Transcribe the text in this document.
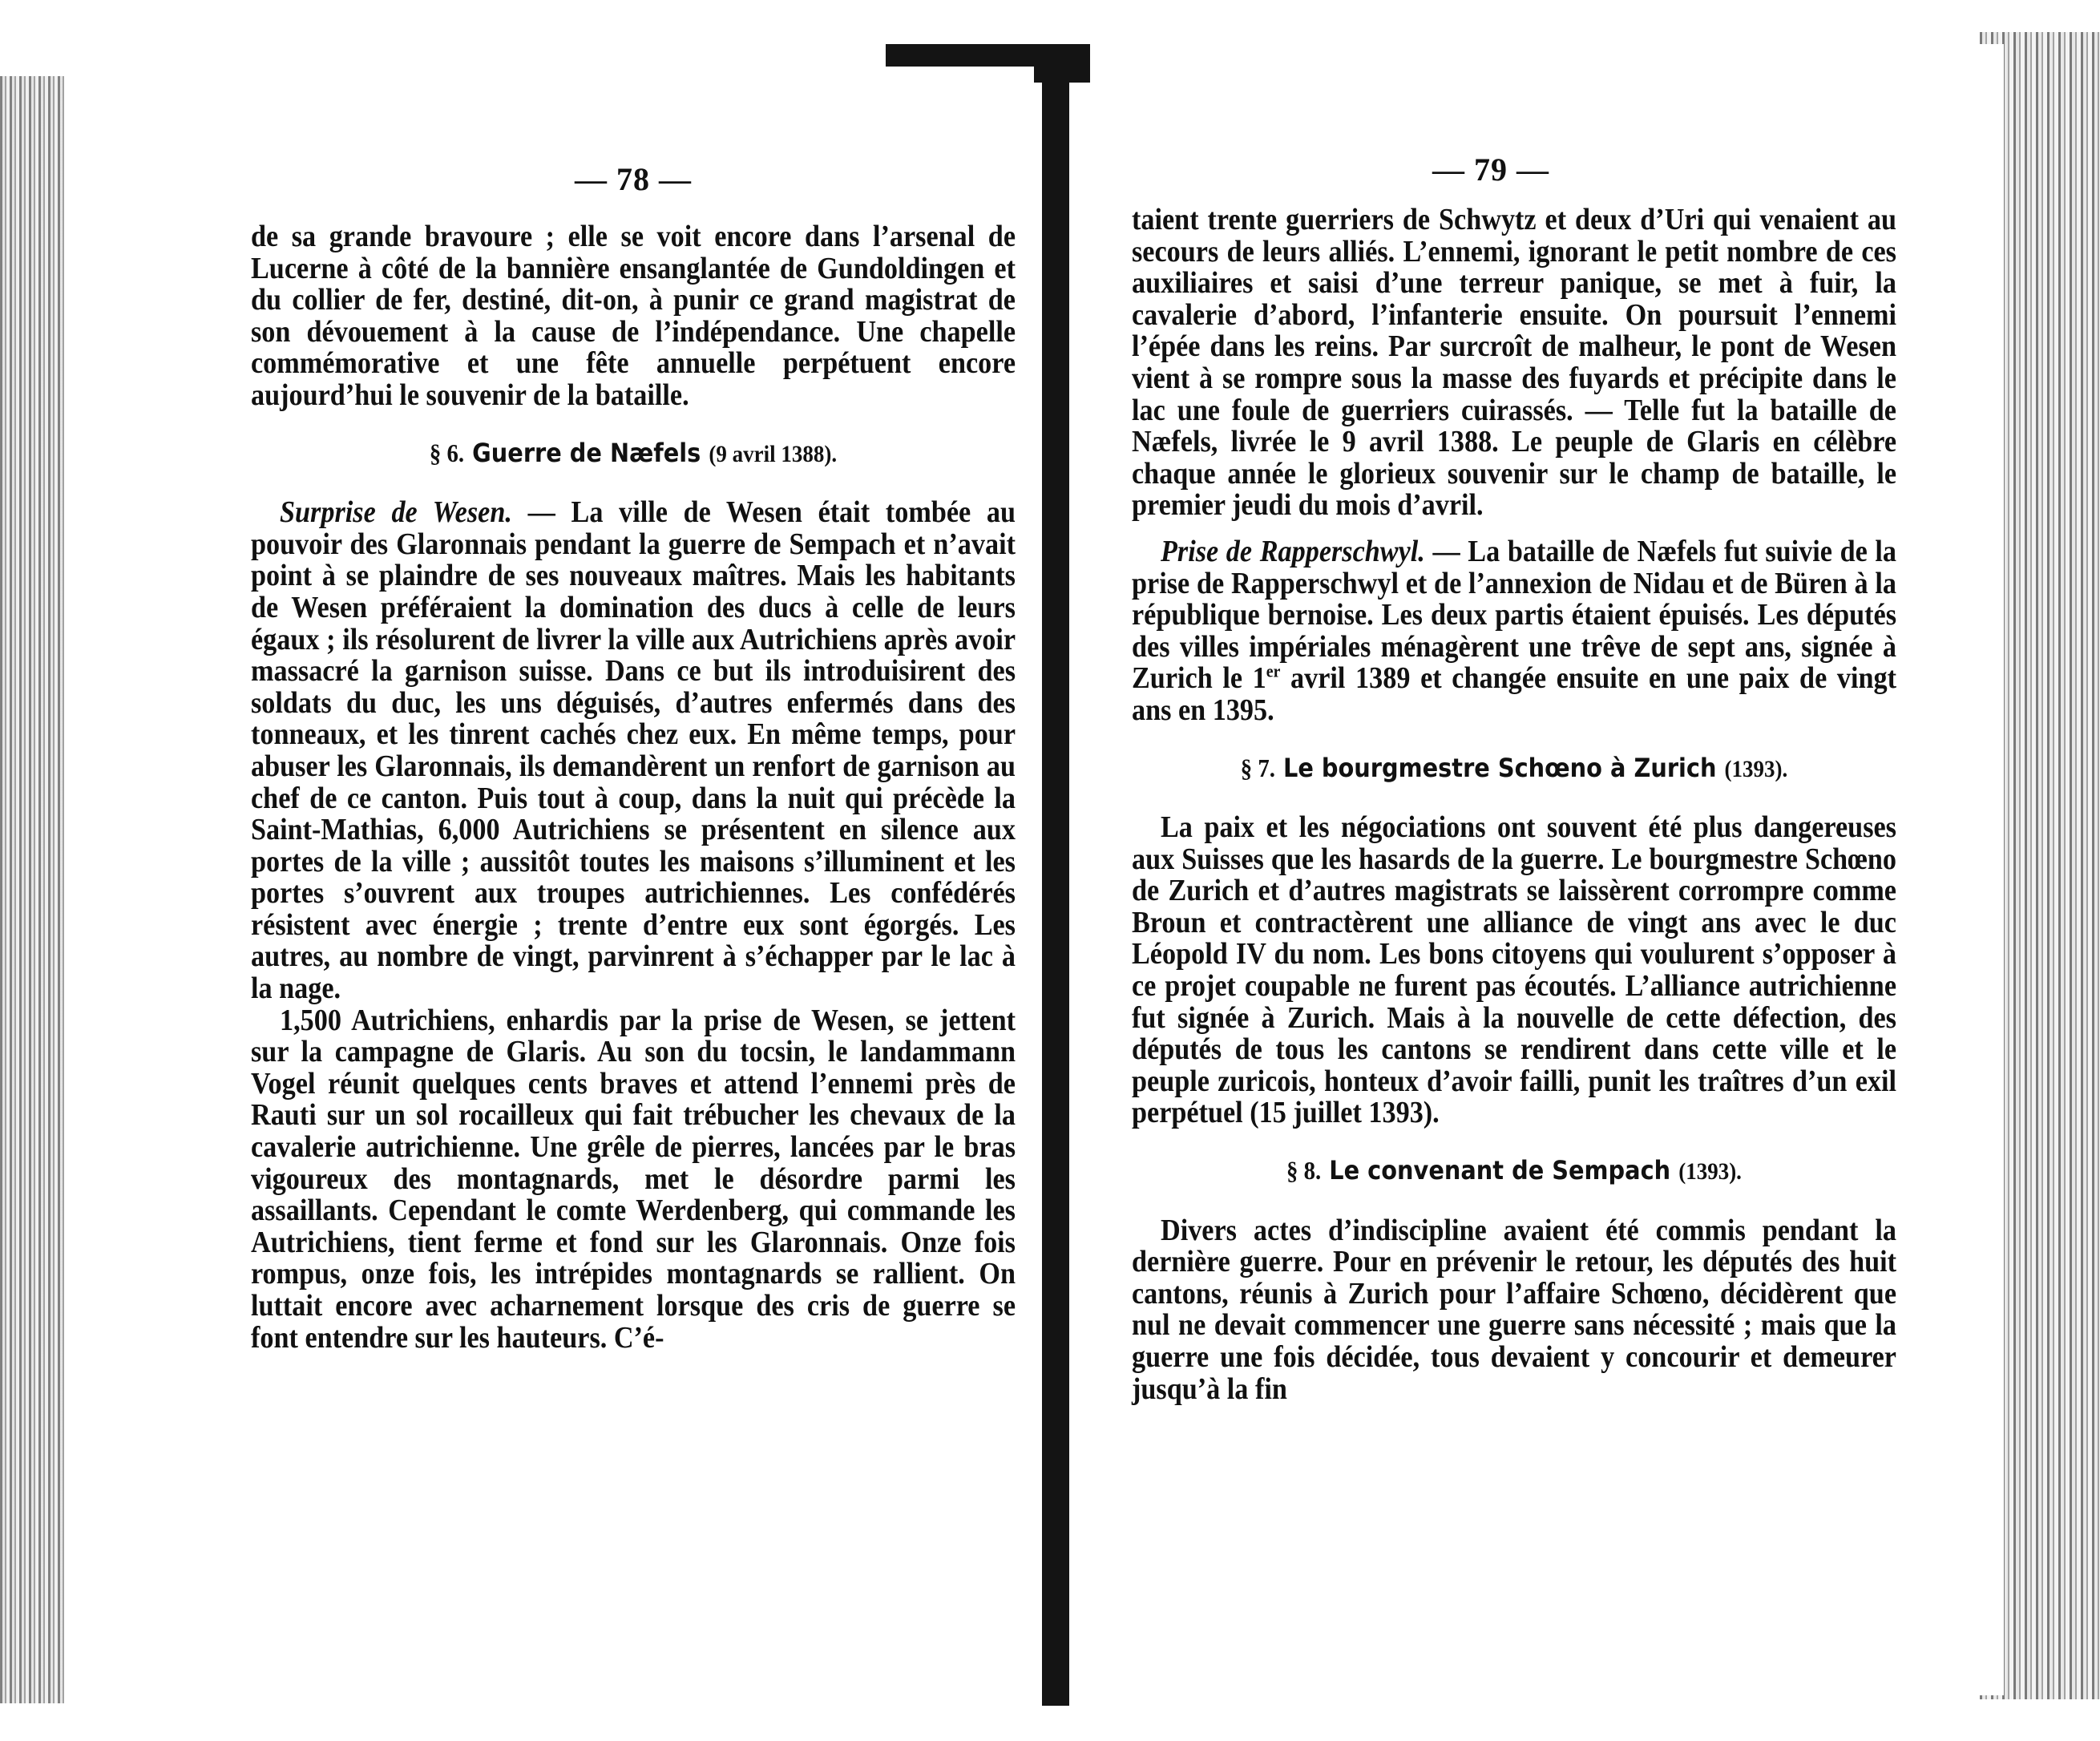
— 78 —

de sa grande bravoure ; elle se voit encore dans l’arsenal de Lucerne à côté de la bannière ensanglantée de Gundoldingen et du collier de fer, destiné, dit-on, à punir ce grand magistrat de son dévouement à la cause de l’indépendance. Une chapelle commémorative et une fête annuelle perpétuent encore aujourd’hui le souvenir de la bataille.

§ 6. Guerre de Næfels (9 avril 1388).

Surprise de Wesen. — La ville de Wesen était tombée au pouvoir des Glaronnais pendant la guerre de Sempach et n’avait point à se plaindre de ses nouveaux maîtres. Mais les habitants de Wesen préféraient la domination des ducs à celle de leurs égaux ; ils résolurent de livrer la ville aux Autrichiens après avoir massacré la garnison suisse. Dans ce but ils introduisirent des soldats du duc, les uns déguisés, d’autres enfermés dans des tonneaux, et les tinrent cachés chez eux. En même temps, pour abuser les Glaronnais, ils demandèrent un renfort de garnison au chef de ce canton. Puis tout à coup, dans la nuit qui précède la Saint-Mathias, 6,000 Autrichiens se présentent en silence aux portes de la ville ; aussitôt toutes les maisons s’illuminent et les portes s’ouvrent aux troupes autrichiennes. Les confédérés résistent avec énergie ; trente d’entre eux sont égorgés. Les autres, au nombre de vingt, parvinrent à s’échapper par le lac à la nage.

1,500 Autrichiens, enhardis par la prise de Wesen, se jettent sur la campagne de Glaris. Au son du tocsin, le landammann Vogel réunit quelques cents braves et attend l’ennemi près de Rauti sur un sol rocailleux qui fait trébucher les chevaux de la cavalerie autrichienne. Une grêle de pierres, lancées par le bras vigoureux des montagnards, met le désordre parmi les assaillants. Cependant le comte Werdenberg, qui commande les Autrichiens, tient ferme et fond sur les Glaronnais. Onze fois rompus, onze fois, les intrépides montagnards se rallient. On luttait encore avec acharnement lorsque des cris de guerre se font entendre sur les hauteurs. C’é-

— 79 —

taient trente guerriers de Schwytz et deux d’Uri qui venaient au secours de leurs alliés. L’ennemi, ignorant le petit nombre de ces auxiliaires et saisi d’une terreur panique, se met à fuir, la cavalerie d’abord, l’infanterie ensuite. On poursuit l’ennemi l’épée dans les reins. Par surcroît de malheur, le pont de Wesen vient à se rompre sous la masse des fuyards et précipite dans le lac une foule de guerriers cuirassés. — Telle fut la bataille de Næfels, livrée le 9 avril 1388. Le peuple de Glaris en célèbre chaque année le glorieux souvenir sur le champ de bataille, le premier jeudi du mois d’avril.

Prise de Rapperschwyl. — La bataille de Næfels fut suivie de la prise de Rapperschwyl et de l’annexion de Nidau et de Büren à la république bernoise. Les deux partis étaient épuisés. Les députés des villes impériales ménagèrent une trêve de sept ans, signée à Zurich le 1er avril 1389 et changée ensuite en une paix de vingt ans en 1395.

§ 7. Le bourgmestre Schœno à Zurich (1393).

La paix et les négociations ont souvent été plus dangereuses aux Suisses que les hasards de la guerre. Le bourgmestre Schœno de Zurich et d’autres magistrats se laissèrent corrompre comme Broun et contractèrent une alliance de vingt ans avec le duc Léopold IV du nom. Les bons citoyens qui voulurent s’opposer à ce projet coupable ne furent pas écoutés. L’alliance autrichienne fut signée à Zurich. Mais à la nouvelle de cette défection, des députés de tous les cantons se rendirent dans cette ville et le peuple zuricois, honteux d’avoir failli, punit les traîtres d’un exil perpétuel (15 juillet 1393).

§ 8. Le convenant de Sempach (1393).

Divers actes d’indiscipline avaient été commis pendant la dernière guerre. Pour en prévenir le retour, les députés des huit cantons, réunis à Zurich pour l’affaire Schœno, décidèrent que nul ne devait commencer une guerre sans nécessité ; mais que la guerre une fois décidée, tous devaient y concourir et demeurer jusqu’à la fin
